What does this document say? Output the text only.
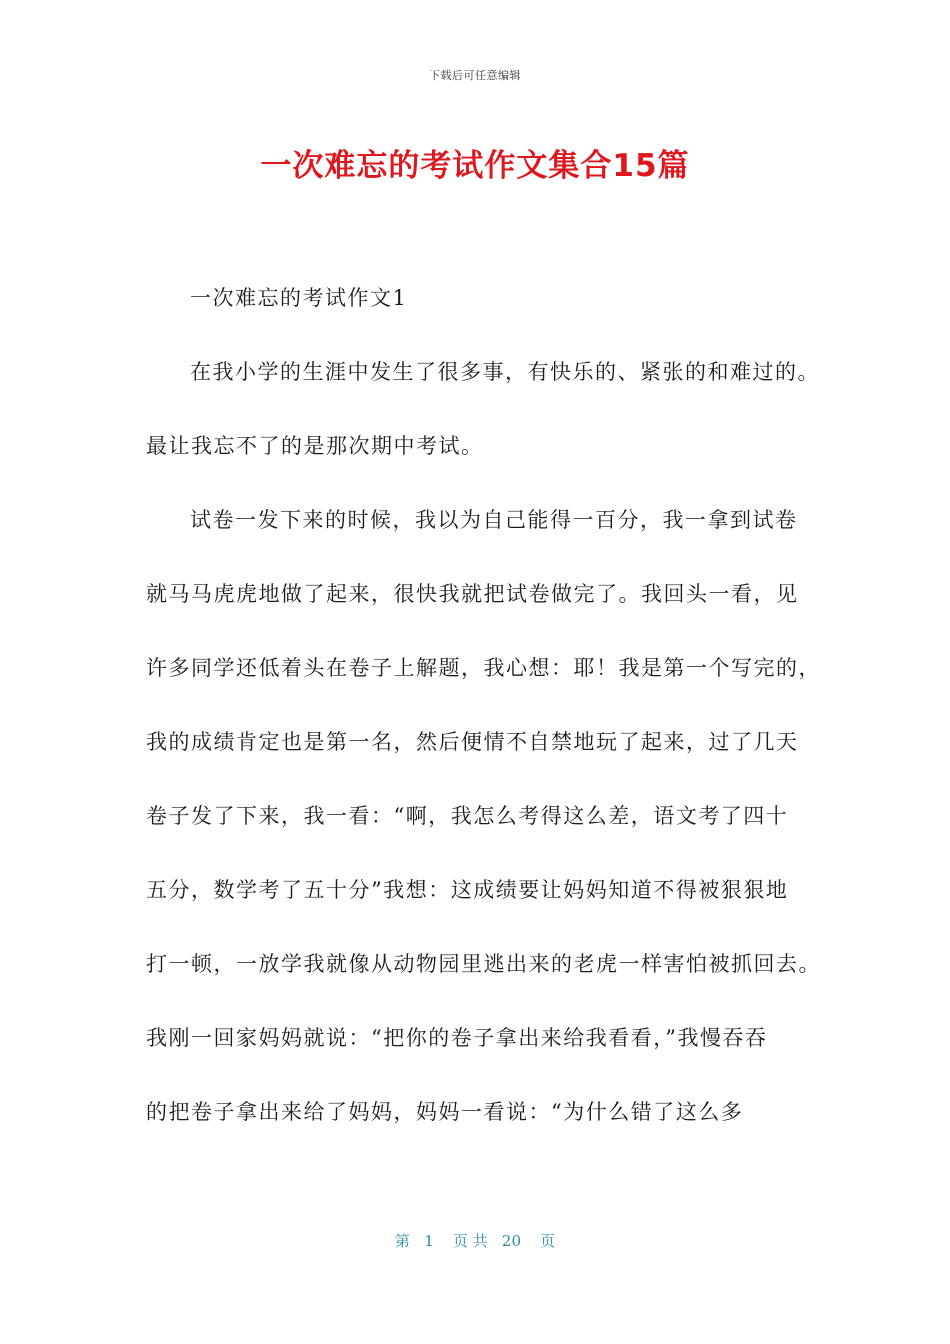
下载后可任意编辑
一次难忘的考试作文集合15篇
一次难忘的考试作文1
在我小学的生涯中发生了很多事，有快乐的、紧张的和难过的。
最让我忘不了的是那次期中考试。
试卷一发下来的时候，我以为自己能得一百分，我一拿到试卷
就马马虎虎地做了起来，很快我就把试卷做完了。我回头一看，见
许多同学还低着头在卷子上解题，我心想：耶！我是第一个写完的，
我的成绩肯定也是第一名，然后便情不自禁地玩了起来，过了几天
卷子发了下来，我一看：“啊，我怎么考得这么差，语文考了四十
五分，数学考了五十分”我想：这成绩要让妈妈知道不得被狠狠地
打一顿，一放学我就像从动物园里逃出来的老虎一样害怕被抓回去。
我刚一回家妈妈就说：“把你的卷子拿出来给我看看，”我慢吞吞
的把卷子拿出来给了妈妈，妈妈一看说：“为什么错了这么多
第   1    页 共   20    页
